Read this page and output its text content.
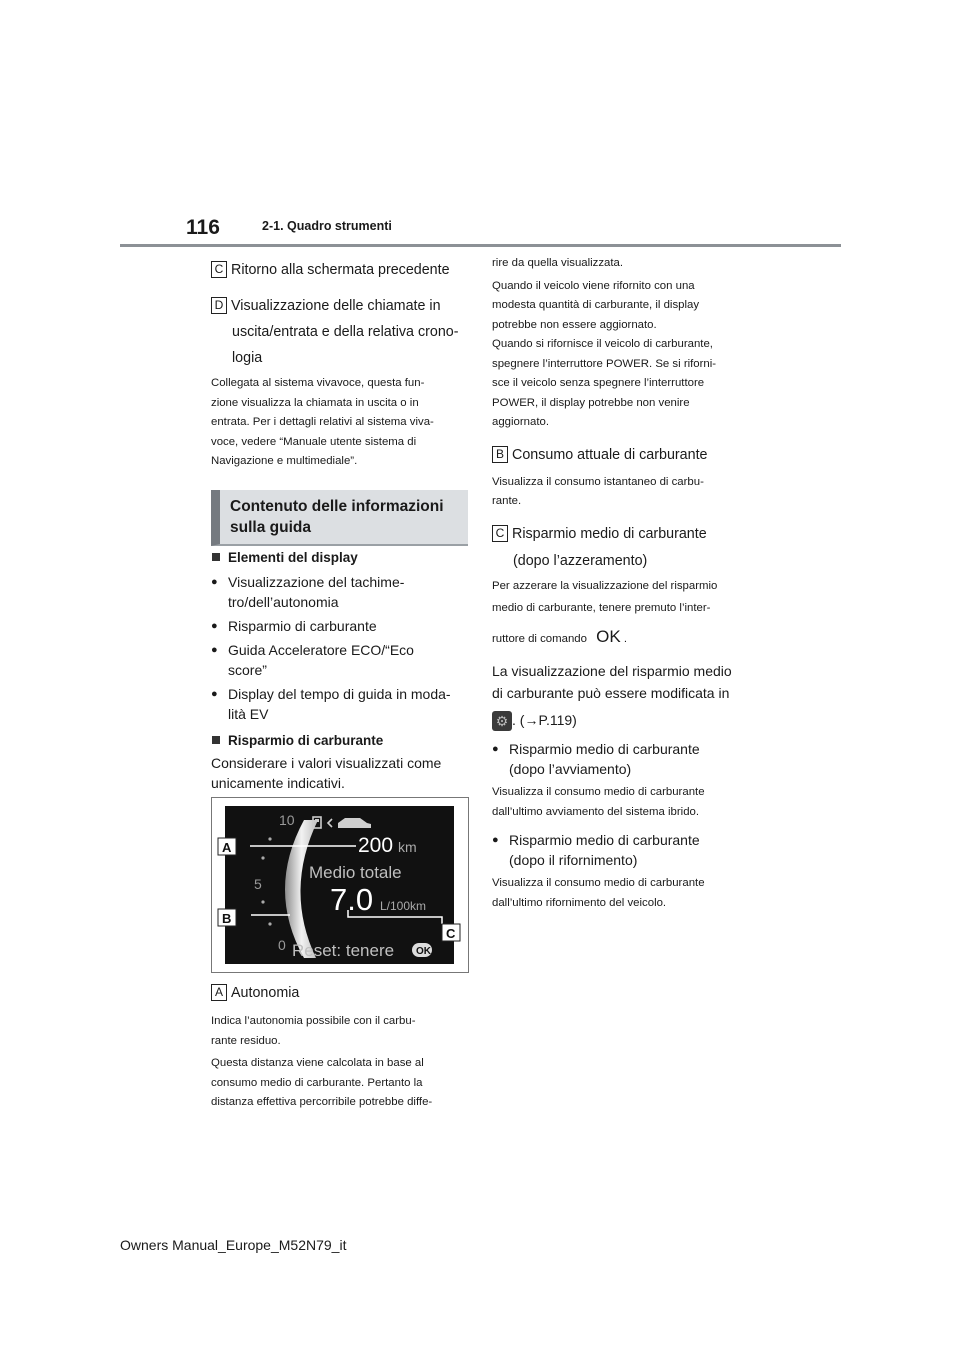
116	2-1. Quadro strumenti
C Ritorno alla schermata precedente
D Visualizzazione delle chiamate in
uscita/entrata e della relativa crono-
logia
Collegata al sistema vivavoce, questa fun-
zione visualizza la chiamata in uscita o in
entrata. Per i dettagli relativi al sistema viva-
voce, vedere “Manuale utente sistema di
Navigazione e multimediale”.
Contenuto delle informazioni
sulla guida
Elementi del display
● Visualizzazione del tachime-
tro/dell’autonomia
● Risparmio di carburante
● Guida Acceleratore ECO/“Eco
score”
● Display del tempo di guida in moda-
lità EV
Risparmio di carburante
Considerare i valori visualizzati come
unicamente indicativi.
10
5
0
200 km
Medio totale
7.0 L/100km
Reset: tenere OK
A
B
C
A Autonomia
Indica l’autonomia possibile con il carbu-
rante residuo.
Questa distanza viene calcolata in base al
consumo medio di carburante. Pertanto la
distanza effettiva percorribile potrebbe diffe-
rire da quella visualizzata.
Quando il veicolo viene rifornito con una
modesta quantità di carburante, il display
potrebbe non essere aggiornato.
Quando si rifornisce il veicolo di carburante,
spegnere l’interruttore POWER. Se si riforni-
sce il veicolo senza spegnere l’interruttore
POWER, il display potrebbe non venire
aggiornato.
B Consumo attuale di carburante
Visualizza il consumo istantaneo di carbu-
rante.
C Risparmio medio di carburante
(dopo l’azzeramento)
Per azzerare la visualizzazione del risparmio
medio di carburante, tenere premuto l’inter-
ruttore di comando OK .
La visualizzazione del risparmio medio
di carburante può essere modificata in
⚙ . (→P.119)
● Risparmio medio di carburante
(dopo l’avviamento)
Visualizza il consumo medio di carburante
dall’ultimo avviamento del sistema ibrido.
● Risparmio medio di carburante
(dopo il rifornimento)
Visualizza il consumo medio di carburante
dall’ultimo rifornimento del veicolo.
Owners Manual_Europe_M52N79_it
